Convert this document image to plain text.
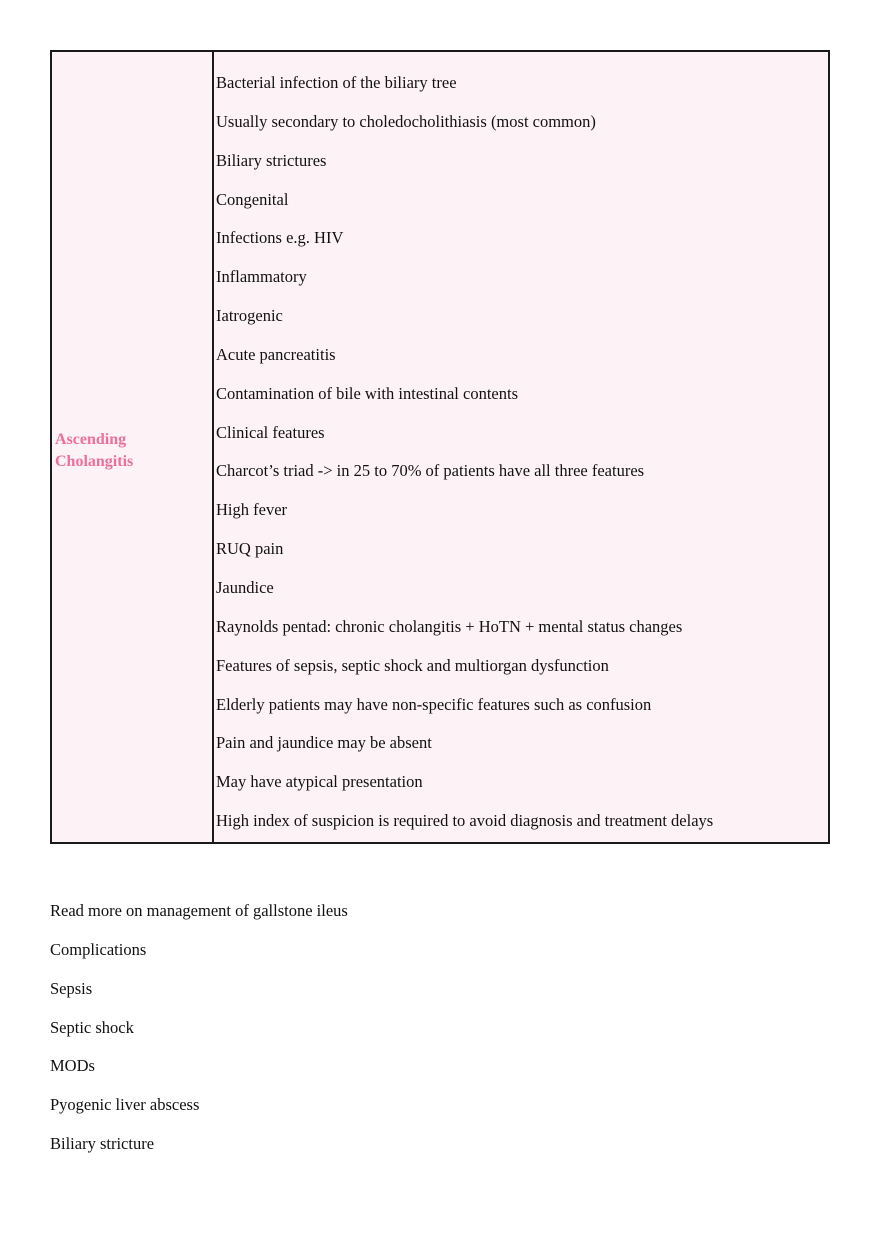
Ascending Cholangitis
Bacterial infection of the biliary tree
Usually secondary to choledocholithiasis (most common)
Biliary strictures
Congenital
Infections e.g. HIV
Inflammatory
Iatrogenic
Acute pancreatitis
Contamination of bile with intestinal contents
Clinical features
Charcot’s triad -> in 25 to 70% of patients have all three features
High fever
RUQ pain
Jaundice
Raynolds pentad: chronic cholangitis + HoTN + mental status changes
Features of sepsis, septic shock and multiorgan dysfunction
Elderly patients may have non-specific features such as confusion
Pain and jaundice may be absent
May have atypical presentation
High index of suspicion is required to avoid diagnosis and treatment delays
Read more on management of gallstone ileus
Complications
Sepsis
Septic shock
MODs
Pyogenic liver abscess
Biliary stricture
